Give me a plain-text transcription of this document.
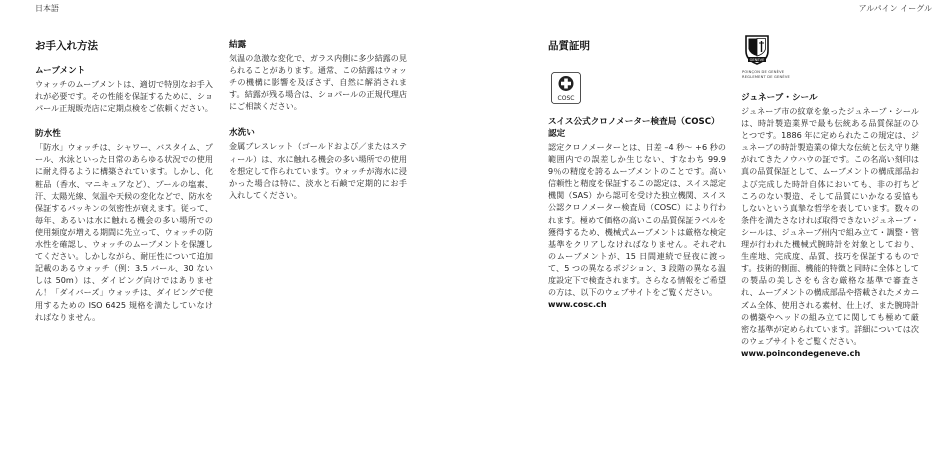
日本語	アルパイン イーグル
お手入れ方法
ムーブメント

ウォッチのムーブメントは、適切で特別なお手入れが必要です。その性能を保証するために、ショパール正規販売店に定期点検をご依頼ください。

防水性

「防水」ウォッチは、シャワー、バスタイム、プール、水泳といった日常のあらゆる状況での使用に耐え得るように構築されています。しかし、化粧品（香水、マニキュアなど）、プールの塩素、汗、太陽光線、気温や天候の変化などで、防水を保証するパッキンの気密性が衰えます。従って、毎年、あるいは水に触れる機会の多い場所での使用頻度が増える期間に先立って、ウォッチの防水性を確認し、ウォッチのムーブメントを保護してください。しかしながら、耐圧性について追加記載のあるウォッチ（例：3.5 バール、30 ないしは 50m）は、ダイビング向けではありません！「ダイバーズ」ウォッチは、ダイビングで使用するための ISO 6425 規格を満たしていなければなりません。

結露

気温の急激な変化で、ガラス内側に多少結露の見られることがあります。通常、この結露はウォッチの機構に影響を及ぼさず、自然に解消されます。結露が残る場合は、ショパールの正規代理店にご相談ください。

水洗い

金属ブレスレット（ゴールドおよび／またはスティール）は、水に触れる機会の多い場所での使用を想定して作られています。ウォッチが海水に浸かった場合は特に、淡水と石鹸で定期的にお手入れしてください。

品質証明
COSC
スイス公式クロノメーター検査局（COSC）認定

認定クロノメーターとは、日差 –4 秒～ +6 秒の範囲内での誤差しか生じない、すなわち 99.99％の精度を誇るムーブメントのことです。高い信頼性と精度を保証するこの認定は、スイス認定機関（SAS）から認可を受けた独立機関、スイス公認クロノメーター検査局（COSC）により行われます。極めて価格の高いこの品質保証ラベルを獲得するため、機械式ムーブメントは厳格な検定基準をクリアしなければなりません。それぞれのムーブメントが、15 日間連続で昼夜に渡って、5 つの異なるポジション、3 段階の異なる温度設定下で検査されます。さらなる情報をご希望の方は、以下のウェブサイトをご覧ください。

www.cosc.ch

GENEVE
POINÇON DE GENÈVE
REGLEMENT DE GENÈVE
ジュネーブ・シール

ジュネーブ市の紋章を象ったジュネーブ・シールは、時計製造業界で最も伝統ある品質保証のひとつです。1886 年に定められたこの規定は、ジュネーブの時計製造業の偉大な伝統と伝え守り継がれてきたノウハウの証です。この名高い刻印は真の品質保証として、ムーブメントの構成部品および完成した時計自体においても、非の打ちどころのない製造、そして品質にいかなる妥協もしないという真摯な哲学を表しています。数々の条件を満たさなければ取得できないジュネーブ・シールは、ジュネーブ州内で組み立て・調整・管理が行われた機械式腕時計を対象としており、生産地、完成度、品質、技巧を保証するものです。技術的側面、機能的特徴と同時に全体としての製品の美しさをも含む厳格な基準で審査され、ムーブメントの構成部品や搭載されたメカニズム全体、使用される素材、仕上げ、また腕時計の構築やヘッドの組み立てに関しても極めて厳密な基準が定められています。詳細については次のウェブサイトをご覧ください。

www.poincondegeneve.ch
